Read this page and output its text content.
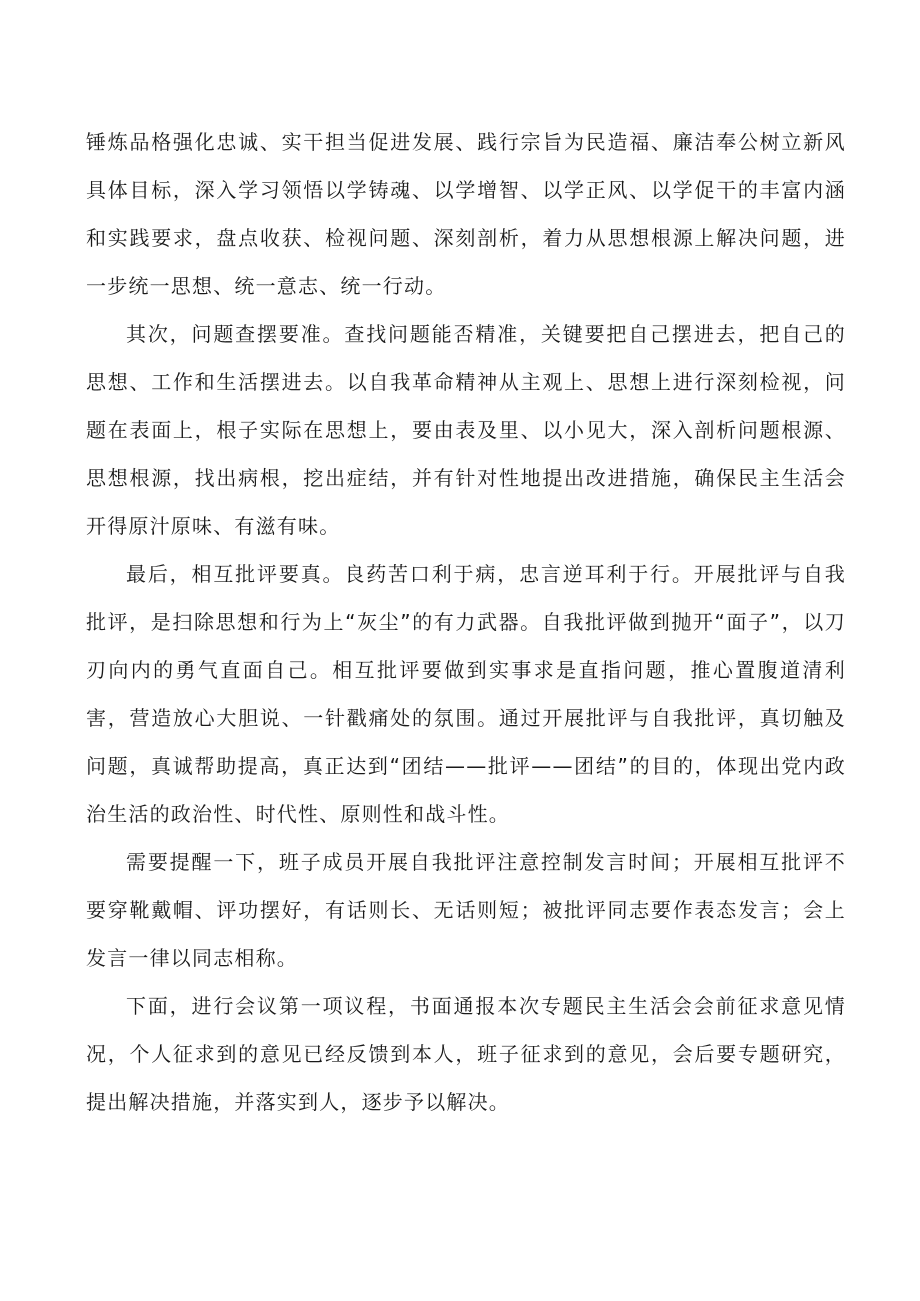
锤炼品格强化忠诚、实干担当促进发展、践行宗旨为民造福、廉洁奉公树立新风具体目标，深入学习领悟以学铸魂、以学增智、以学正风、以学促干的丰富内涵和实践要求，盘点收获、检视问题、深刻剖析，着力从思想根源上解决问题，进一步统一思想、统一意志、统一行动。

其次，问题查摆要准。查找问题能否精准，关键要把自己摆进去，把自己的思想、工作和生活摆进去。以自我革命精神从主观上、思想上进行深刻检视，问题在表面上，根子实际在思想上，要由表及里、以小见大，深入剖析问题根源、思想根源，找出病根，挖出症结，并有针对性地提出改进措施，确保民主生活会开得原汁原味、有滋有味。

最后，相互批评要真。良药苦口利于病，忠言逆耳利于行。开展批评与自我批评，是扫除思想和行为上“灰尘”的有力武器。自我批评做到抛开“面子”，以刀刃向内的勇气直面自己。相互批评要做到实事求是直指问题，推心置腹道清利害，营造放心大胆说、一针戳痛处的氛围。通过开展批评与自我批评，真切触及问题，真诚帮助提高，真正达到“团结——批评——团结”的目的，体现出党内政治生活的政治性、时代性、原则性和战斗性。

需要提醒一下，班子成员开展自我批评注意控制发言时间；开展相互批评不要穿靴戴帽、评功摆好，有话则长、无话则短；被批评同志要作表态发言；会上发言一律以同志相称。

下面，进行会议第一项议程，书面通报本次专题民主生活会会前征求意见情况，个人征求到的意见已经反馈到本人，班子征求到的意见，会后要专题研究，提出解决措施，并落实到人，逐步予以解决。
